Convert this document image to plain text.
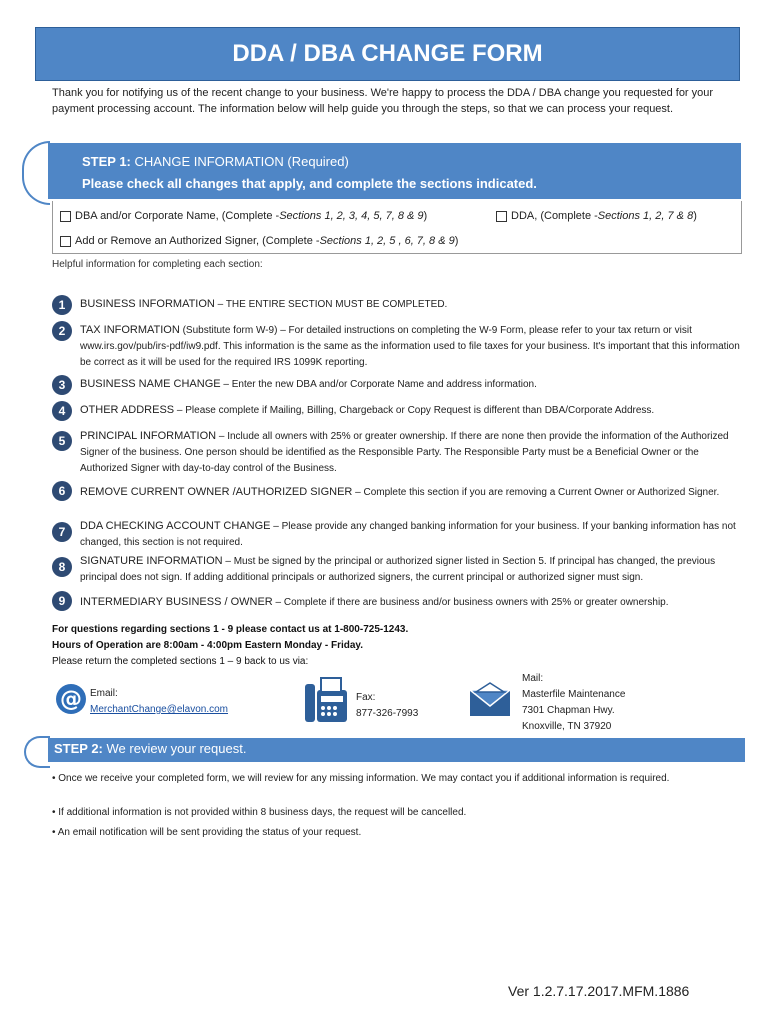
DDA / DBA CHANGE FORM
Thank you for notifying us of the recent change to your business. We're happy to process the DDA / DBA change you requested for your payment processing account. The information below will help guide you through the steps, so that we can process your request.
STEP 1: CHANGE INFORMATION (Required)
Please check all changes that apply, and complete the sections indicated.
DBA and/or Corporate Name, (Complete - Sections 1, 2, 3, 4, 5, 7, 8 & 9 )	DDA, (Complete - Sections 1, 2, 7 & 8 )
Add or Remove an Authorized Signer, (Complete - Sections 1, 2, 5 , 6, 7, 8 & 9 )
Helpful information for completing each section:
1	BUSINESS INFORMATION – THE ENTIRE SECTION MUST BE COMPLETED.
2	TAX INFORMATION (Substitute form W-9) – For detailed instructions on completing the W-9 Form, please refer to your tax return or visit www.irs.gov/pub/irs-pdf/iw9.pdf. This information is the same as the information used to file taxes for your business. It's important that this information be correct as it will be used for the required IRS 1099K reporting.
3	BUSINESS NAME CHANGE – Enter the new DBA and/or Corporate Name and address information.
4	OTHER ADDRESS – Please complete if Mailing, Billing, Chargeback or Copy Request is different than DBA/Corporate Address.
5	PRINCIPAL INFORMATION – Include all owners with 25% or greater ownership. If there are none then provide the information of the Authorized Signer of the business. One person should be identified as the Responsible Party. The Responsible Party must be a Beneficial Owner or the Authorized Signer with day-to-day control of the Business.
6	REMOVE CURRENT OWNER /AUTHORIZED SIGNER – Complete this section if you are removing a Current Owner or Authorized Signer.
7	DDA CHECKING ACCOUNT CHANGE – Please provide any changed banking information for your business. If your banking information has not changed, this section is not required.
8	SIGNATURE INFORMATION – Must be signed by the principal or authorized signer listed in Section 5. If principal has changed, the previous principal does not sign. If adding additional principals or authorized signers, the current principal or authorized signer must sign.
9	INTERMEDIARY BUSINESS / OWNER – Complete if there are business and/or business owners with 25% or greater ownership.
For questions regarding sections 1 - 9 please contact us at 1-800-725-1243.
Hours of Operation are 8:00am - 4:00pm Eastern Monday - Friday.
Please return the completed sections 1 – 9 back to us via:
@ Email:
MerchantChange@elavon.com
Fax:
877-326-7993
Mail:
Masterfile Maintenance
7301 Chapman Hwy.
Knoxville, TN 37920
STEP 2: We review your request.
• Once we receive your completed form, we will review for any missing information. We may contact you if additional information is required.
• If additional information is not provided within 8 business days, the request will be cancelled.
• An email notification will be sent providing the status of your request.
Ver 1.2.7.17.2017.MFM.1886
